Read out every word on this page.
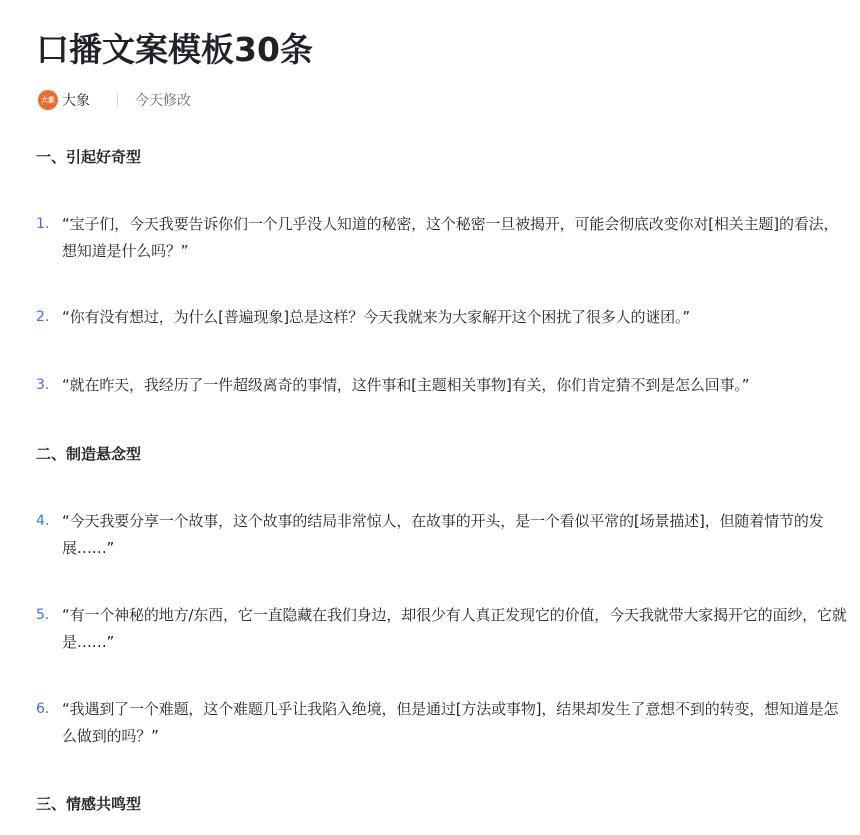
口播文案模板30条
大象 大象	今天修改
一、引起好奇型
1. “宝子们，今天我要告诉你们一个几乎没人知道的秘密，这个秘密一旦被揭开，可能会彻底改变你对[相关主题]的看法，想知道是什么吗？”
2. “你有没有想过，为什么[普遍现象]总是这样？今天我就来为大家解开这个困扰了很多人的谜团。”
3. “就在昨天，我经历了一件超级离奇的事情，这件事和[主题相关事物]有关，你们肯定猜不到是怎么回事。”
二、制造悬念型
4. “今天我要分享一个故事，这个故事的结局非常惊人，在故事的开头，是一个看似平常的[场景描述]，但随着情节的发展……”
5. “有一个神秘的地方/东西，它一直隐藏在我们身边，却很少有人真正发现它的价值，今天我就带大家揭开它的面纱，它就是……”
6. “我遇到了一个难题，这个难题几乎让我陷入绝境，但是通过[方法或事物]，结果却发生了意想不到的转变，想知道是怎么做到的吗？”
三、情感共鸣型
